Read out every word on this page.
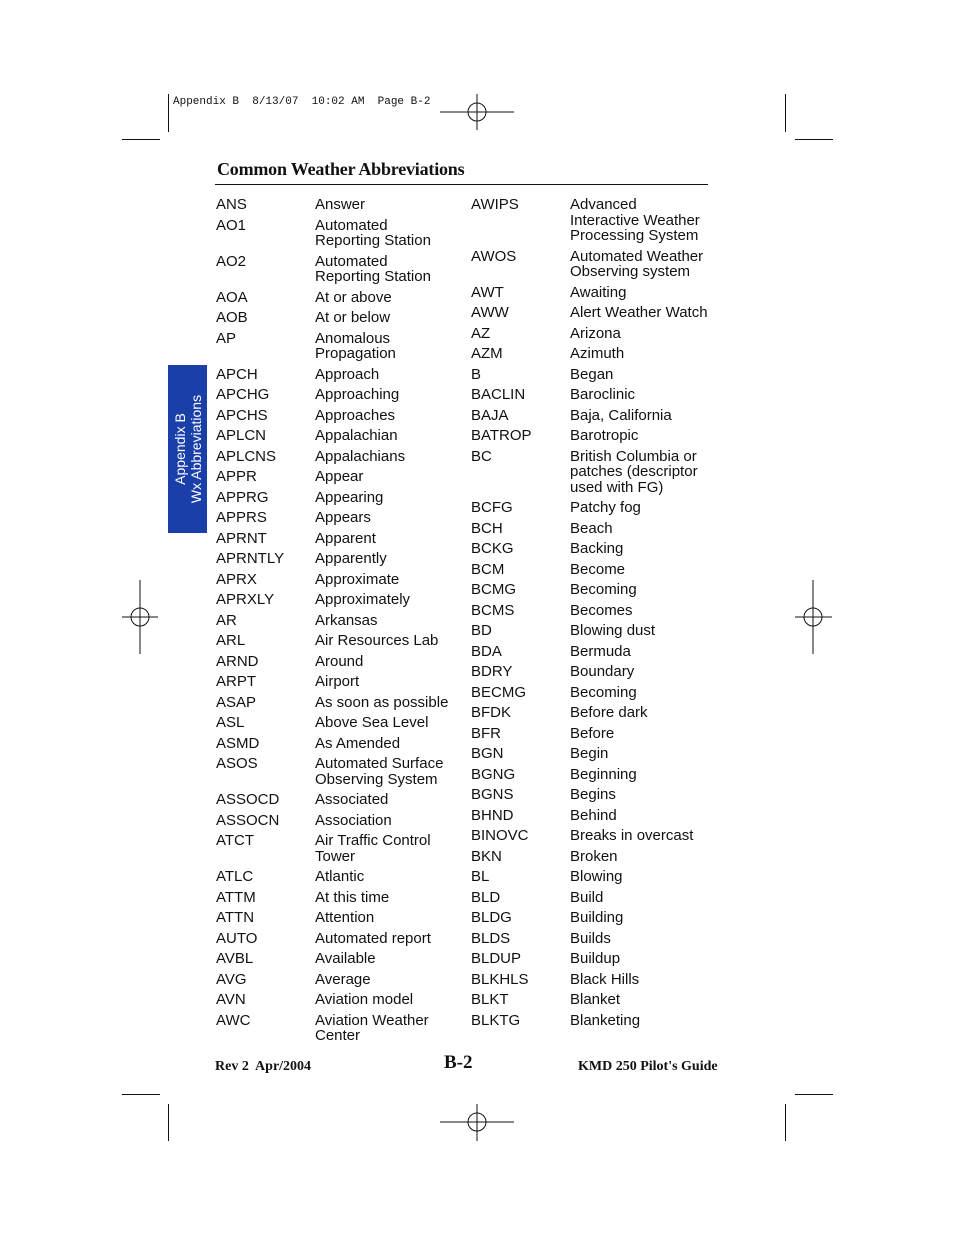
Appendix B  8/13/07  10:02 AM  Page B-2
Appendix B Wx Abbreviations
Common Weather Abbreviations
ANS	Answer
AO1	Automated Reporting Station
AO2	Automated Reporting Station
AOA	At or above
AOB	At or below
AP	Anomalous Propagation
APCH	Approach
APCHG	Approaching
APCHS	Approaches
APLCN	Appalachian
APLCNS	Appalachians
APPR	Appear
APPRG	Appearing
APPRS	Appears
APRNT	Apparent
APRNTLY	Apparently
APRX	Approximate
APRXLY	Approximately
AR	Arkansas
ARL	Air Resources Lab
ARND	Around
ARPT	Airport
ASAP	As soon as possible
ASL	Above Sea Level
ASMD	As Amended
ASOS	Automated Surface Observing System
ASSOCD	Associated
ASSOCN	Association
ATCT	Air Traffic Control Tower
ATLC	Atlantic
ATTM	At this time
ATTN	Attention
AUTO	Automated report
AVBL	Available
AVG	Average
AVN	Aviation model
AWC	Aviation Weather Center
AWIPS	Advanced Interactive Weather Processing System
AWOS	Automated Weather Observing system
AWT	Awaiting
AWW	Alert Weather Watch
AZ	Arizona
AZM	Azimuth
B	Began
BACLIN	Baroclinic
BAJA	Baja, California
BATROP	Barotropic
BC	British Columbia or patches (descriptor used with FG)
BCFG	Patchy fog
BCH	Beach
BCKG	Backing
BCM	Become
BCMG	Becoming
BCMS	Becomes
BD	Blowing dust
BDA	Bermuda
BDRY	Boundary
BECMG	Becoming
BFDK	Before dark
BFR	Before
BGN	Begin
BGNG	Beginning
BGNS	Begins
BHND	Behind
BINOVC	Breaks in overcast
BKN	Broken
BL	Blowing
BLD	Build
BLDG	Building
BLDS	Builds
BLDUP	Buildup
BLKHLS	Black Hills
BLKT	Blanket
BLKTG	Blanketing
Rev 2  Apr/2004	B-2	KMD 250 Pilot's Guide
